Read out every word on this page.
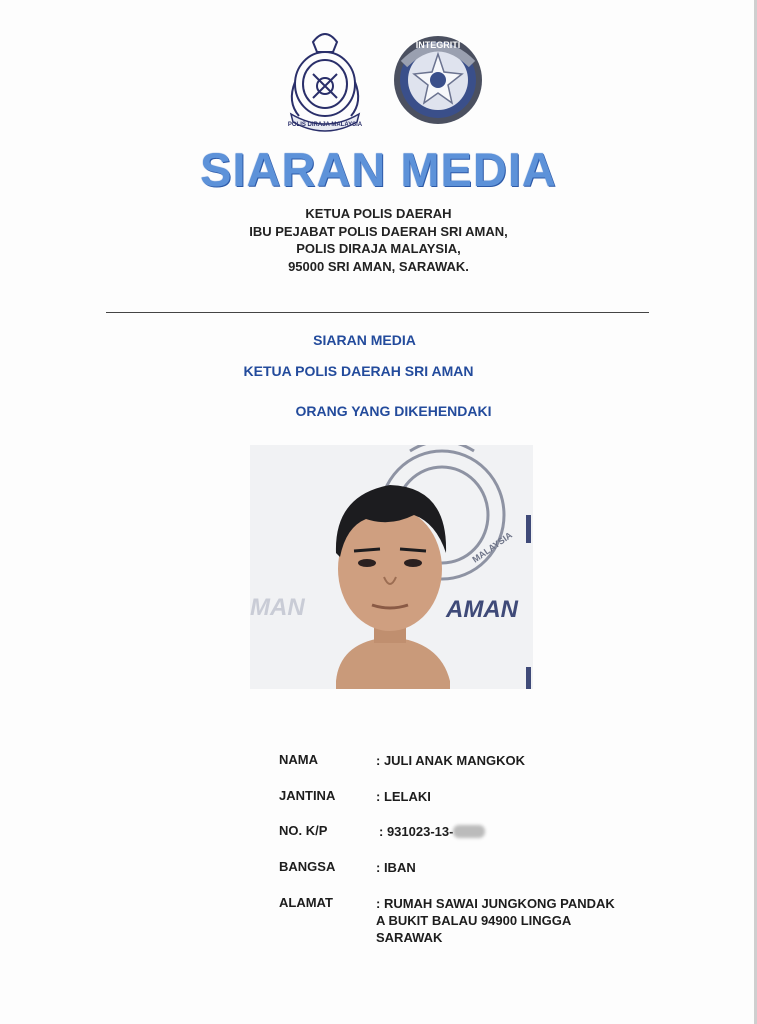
POLIS DIRAJA MALAYSIA
INTEGRITI
SIARAN MEDIA
KETUA POLIS DAERAH
IBU PEJABAT POLIS DAERAH SRI AMAN,
POLIS DIRAJA MALAYSIA,
95000 SRI AMAN, SARAWAK.
SIARAN MEDIA
KETUA POLIS DAERAH SRI AMAN
ORANG YANG DIKEHENDAKI
MALAYSIA
MAN	AMAN
NAMA	: JULI ANAK MANGKOK
JANTINA	: LELAKI
NO. K/P	: 931023-13-
BANGSA	: IBAN
ALAMAT	: RUMAH SAWAI JUNGKONG PANDAK
A BUKIT BALAU 94900 LINGGA
SARAWAK
